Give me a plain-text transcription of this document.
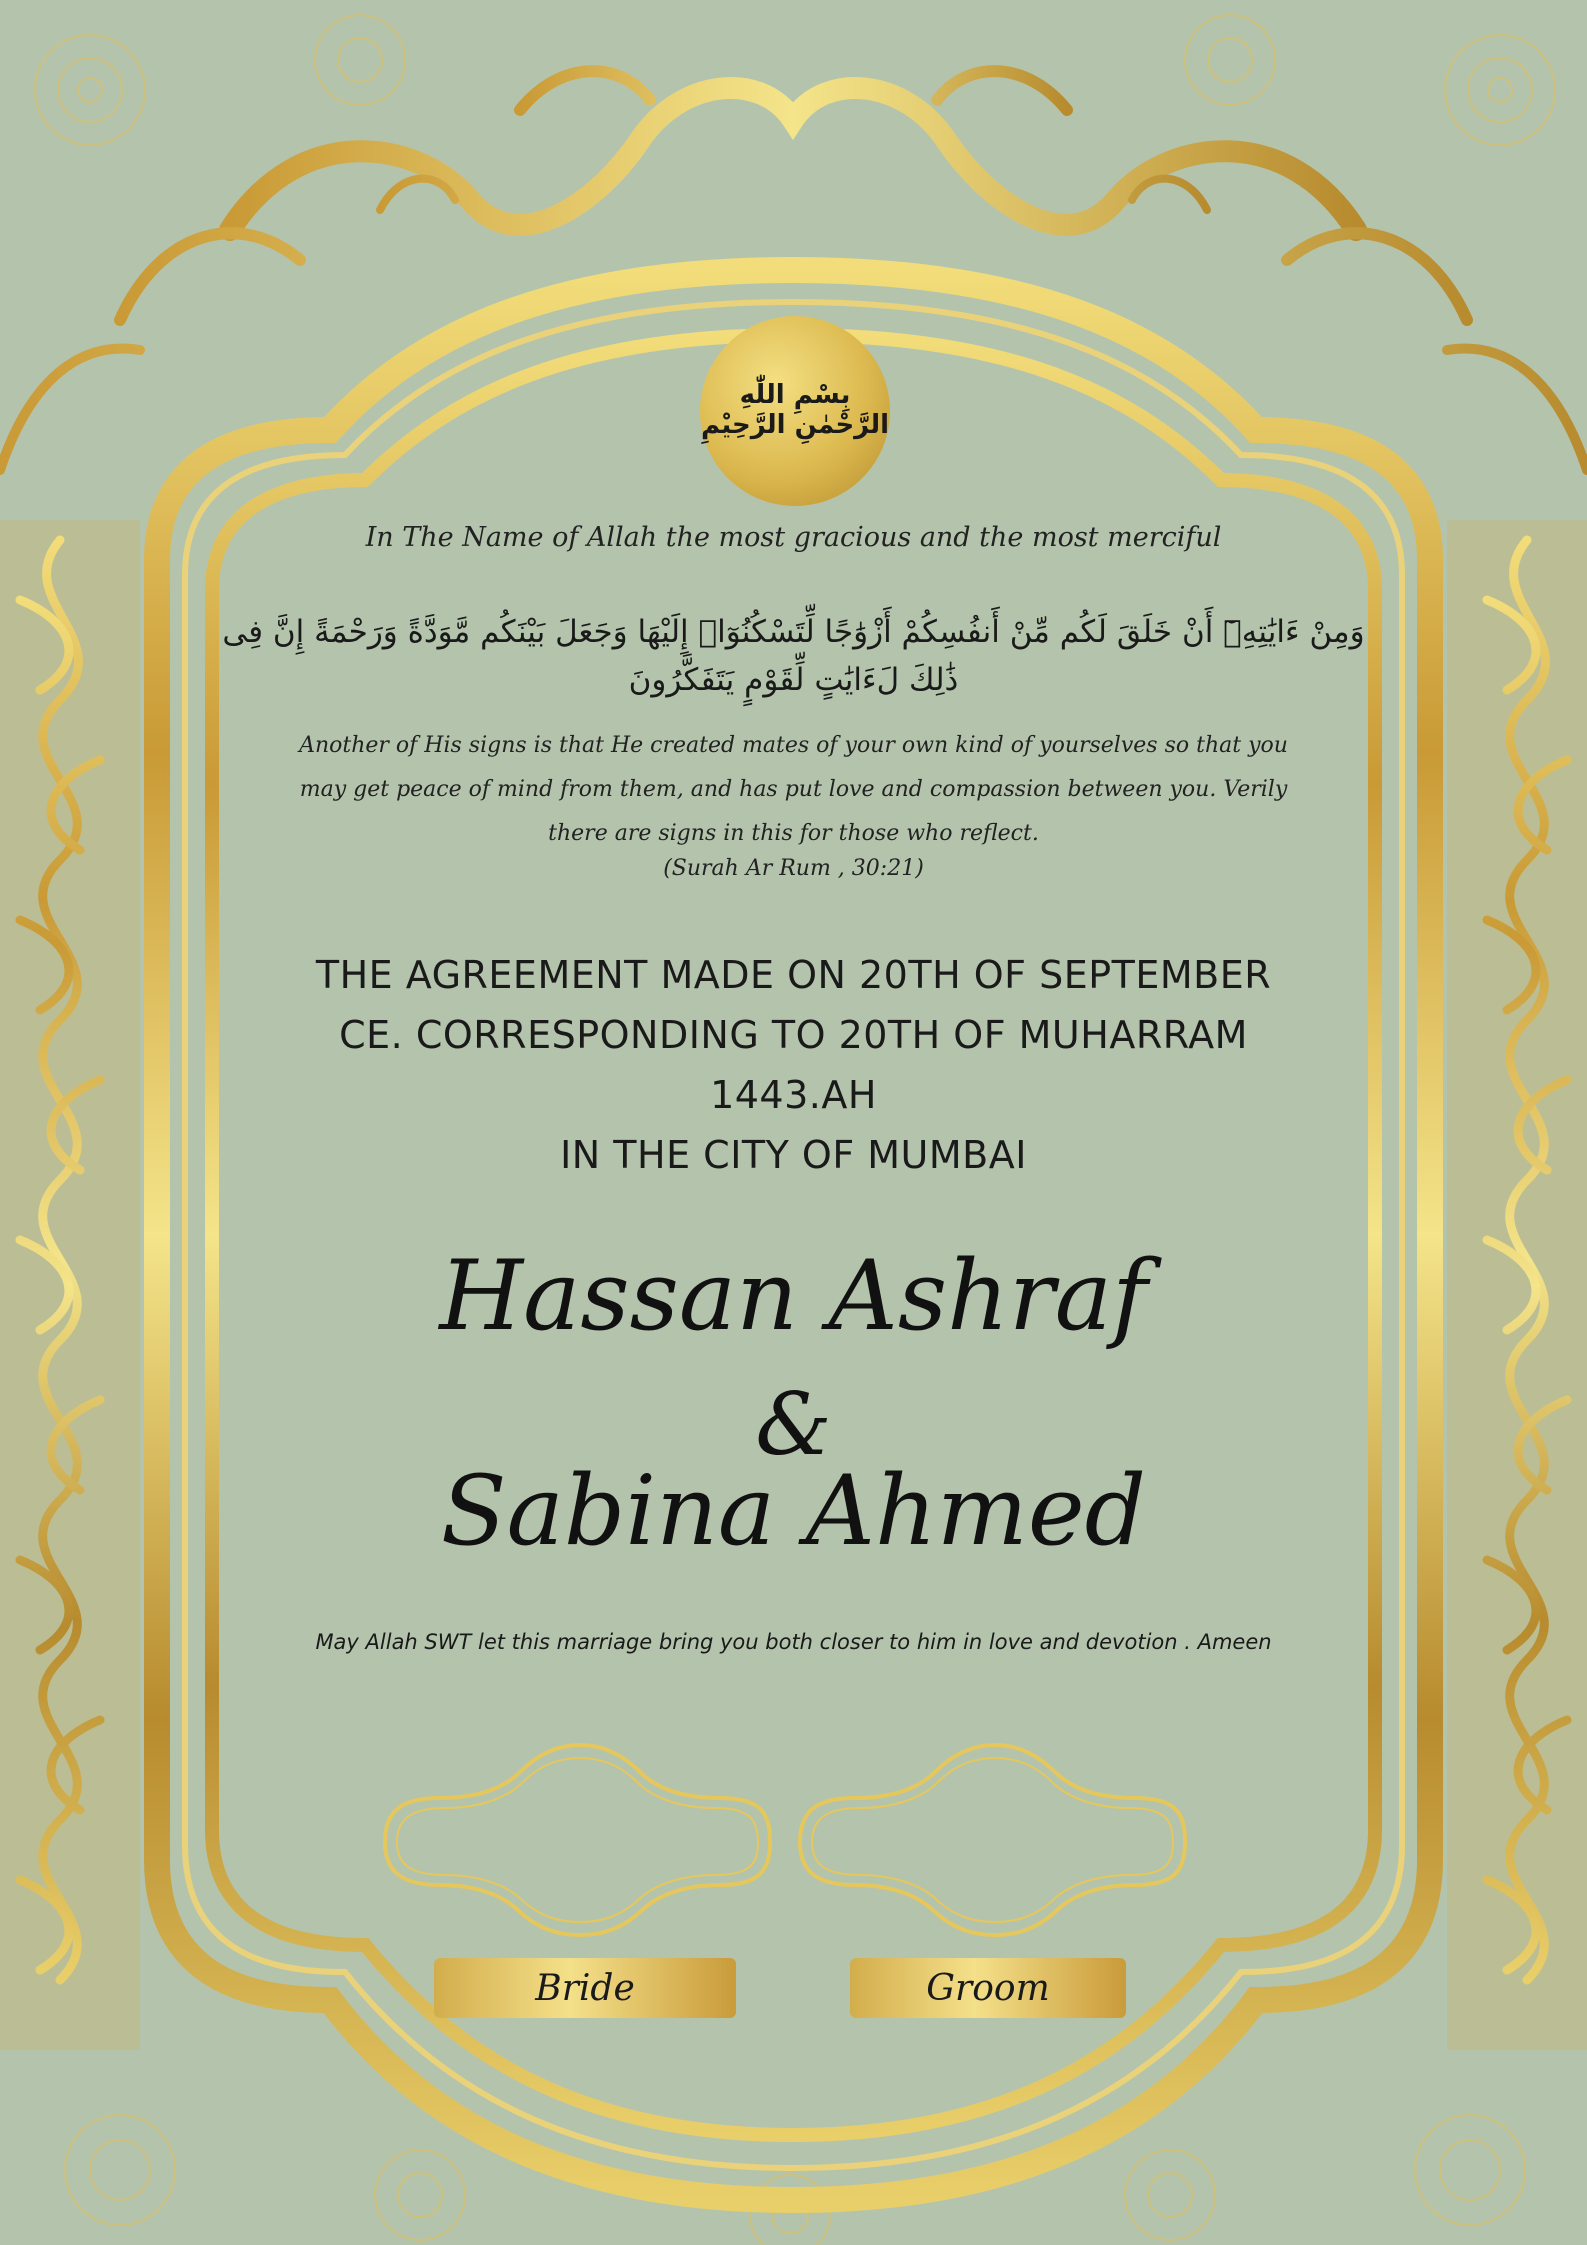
بِسْمِ اللّٰهِ
الرَّحْمٰنِ الرَّحِيْمِ
In The Name of Allah the most gracious and the most merciful
وَمِنْ ءَايَٰتِهِۦٓ أَنْ خَلَقَ لَكُم مِّنْ أَنفُسِكُمْ أَزْوَٰجًا لِّتَسْكُنُوٓا۟ إِلَيْهَا وَجَعَلَ بَيْنَكُم مَّوَدَّةً وَرَحْمَةً إِنَّ فِى ذَٰلِكَ لَءَايَٰتٍ لِّقَوْمٍ يَتَفَكَّرُونَ
Another of His signs is that He created mates of your own kind of yourselves so that you may get peace of mind from them, and has put love and compassion between you. Verily there are signs in this for those who reflect.
(Surah Ar Rum , 30:21)
THE AGREEMENT MADE ON 20TH OF SEPTEMBER
CE. CORRESPONDING TO 20TH OF MUHARRAM
1443.AH
IN THE CITY OF MUMBAI
Hassan Ashraf
&
Sabina Ahmed
May Allah SWT let this marriage bring you both closer to him in love and devotion . Ameen
Bride	Groom
